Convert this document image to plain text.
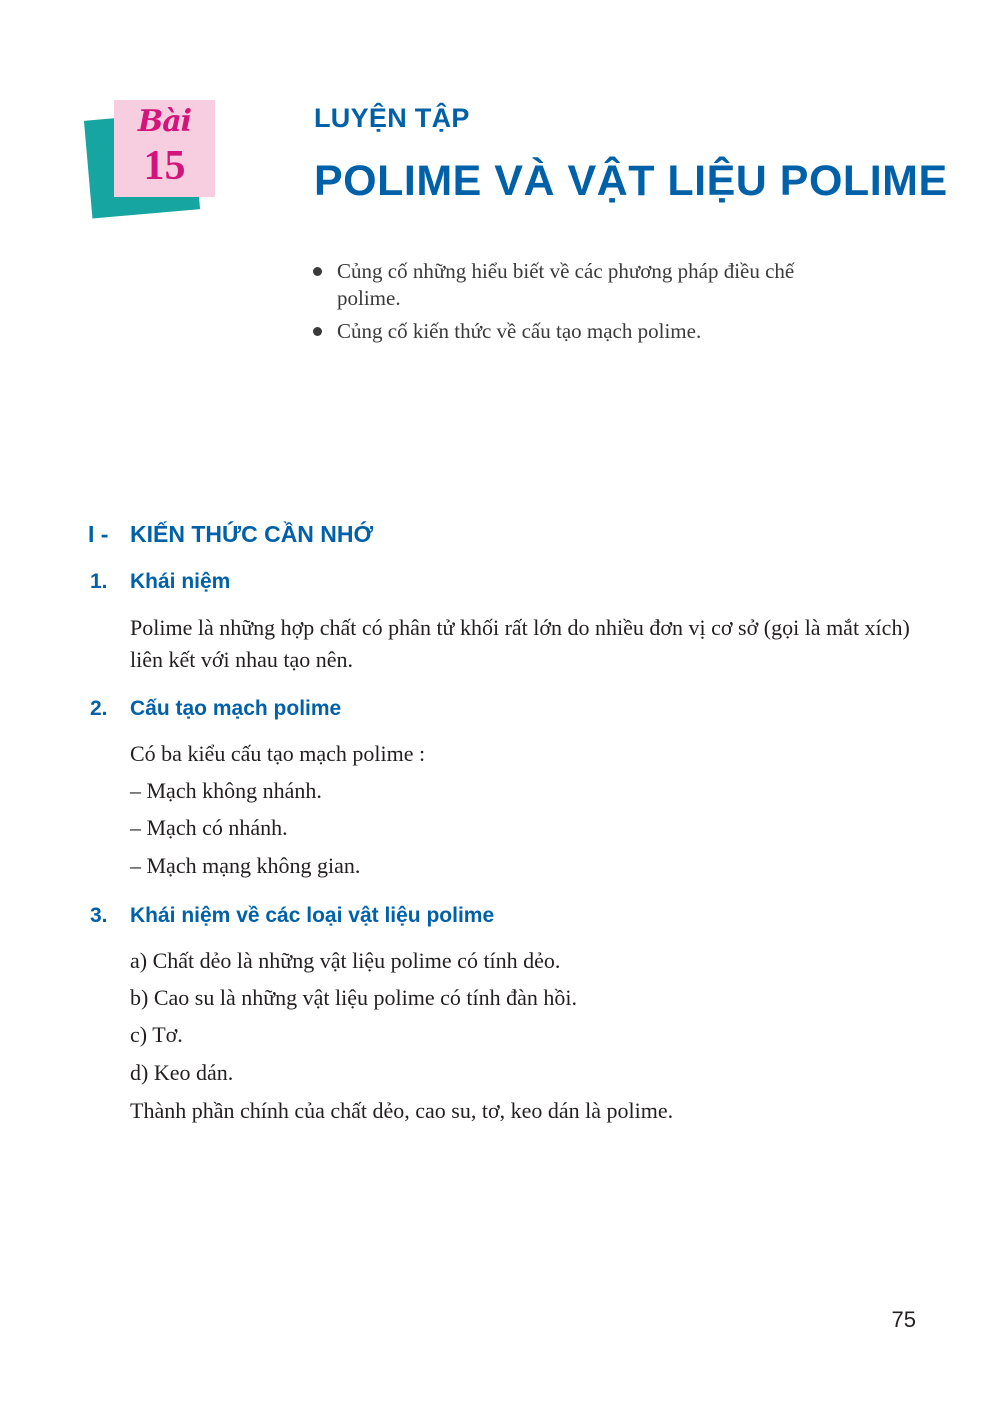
Bài
15
LUYỆN TẬP
POLIME VÀ VẬT LIỆU POLIME
Củng cố những hiểu biết về các phương pháp điều chế polime.
Củng cố kiến thức về cấu tạo mạch polime.
I - KIẾN THỨC CẦN NHỚ
1. Khái niệm
Polime là những hợp chất có phân tử khối rất lớn do nhiều đơn vị cơ sở (gọi là mắt xích) liên kết với nhau tạo nên.
2. Cấu tạo mạch polime
Có ba kiểu cấu tạo mạch polime :
– Mạch không nhánh.
– Mạch có nhánh.
– Mạch mạng không gian.
3. Khái niệm về các loại vật liệu polime
a) Chất dẻo là những vật liệu polime có tính dẻo.
b) Cao su là những vật liệu polime có tính đàn hồi.
c) Tơ.
d) Keo dán.
Thành phần chính của chất dẻo, cao su, tơ, keo dán là polime.
75
